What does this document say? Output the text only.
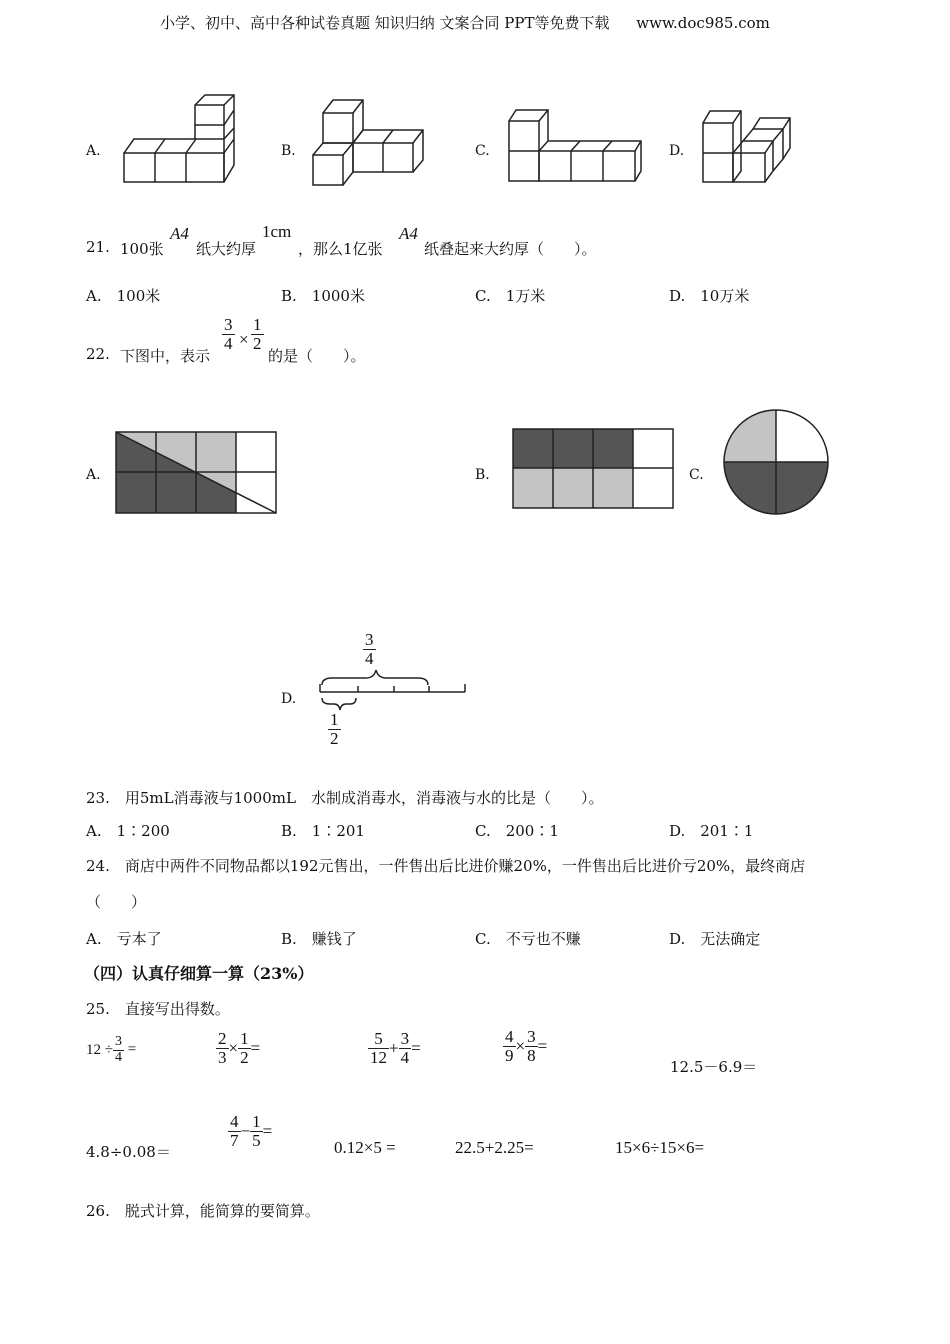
小学、初中、高中各种试卷真题 知识归纳 文案合同 PPT等免费下载 www.doc985.com
A.	B.	C.	D.
21. 100张
A4
纸大约厚
1cm
，那么1亿张
A4
纸叠起来大约厚（　　）。
A.　100米	B.　1000米	C.　1万米	D.　10万米
22. 下图中，表示
$\frac{3}{4} \times \frac{1}{2}$
的是（　　）。
A.	B.	C.
D.
$\frac{3}{4}$
$\frac{1}{2}$
23.　用5mL消毒液与1000mL　水制成消毒水，消毒液与水的比是（　　）。
A.　1∶200	B.　1∶201	C.　200∶1	D.　201∶1
24.　商店中两件不同物品都以192元售出，一件售出后比进价赚20%，一件售出后比进价亏20%，最终商店
（　　）
A.　亏本了	B.　赚钱了	C.　不亏也不赚	D.　无法确定
（四）认真仔细算一算（23%）
25.　直接写出得数。
$12 \div \frac{3}{4}$ =	$\frac{2}{3} \times \frac{1}{2}$ =	$\frac{5}{12} + \frac{3}{4}$ =	$\frac{4}{9} \times \frac{3}{8}$ =
12.5－6.9＝
4.8÷0.08＝
$\frac{4}{7} - \frac{1}{5}$ =
0.12×5 =	22.5+2.25=	15×6÷15×6=
26.　脱式计算，能简算的要简算。
